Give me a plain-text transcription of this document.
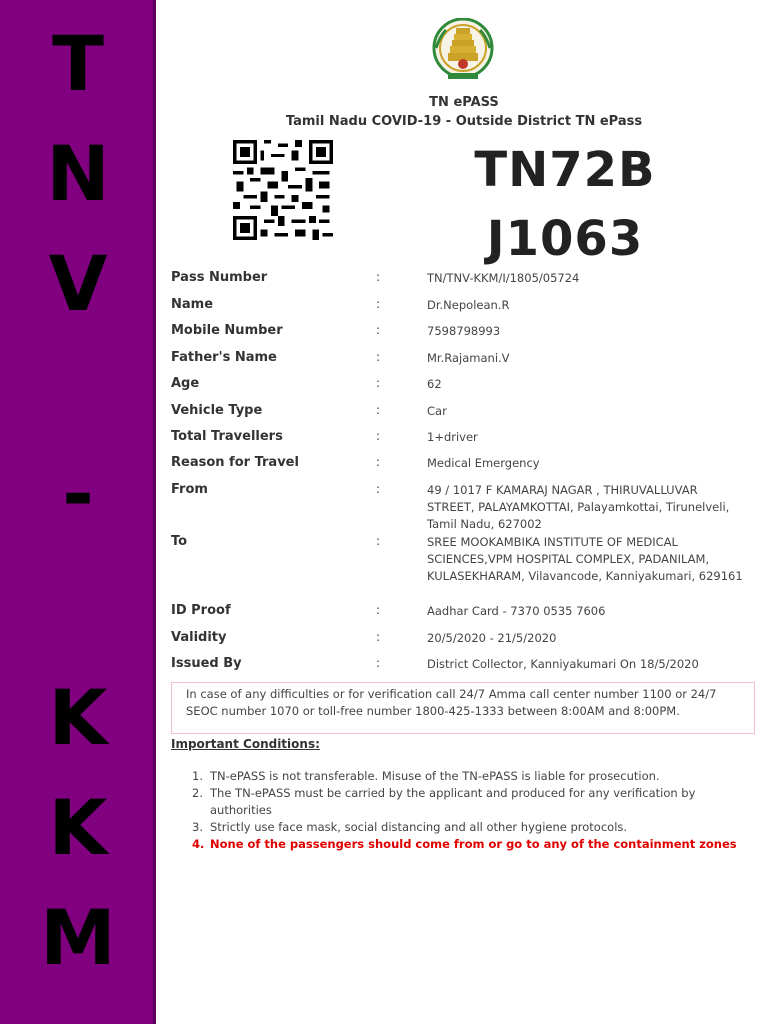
T
N
V
-
K
K
M
TN ePASS
Tamil Nadu COVID-19 - Outside District TN ePass
TN72B
J1063
Pass Number	:	TN/TNV-KKM/I/1805/05724
Name	:	Dr.Nepolean.R
Mobile Number	:	7598798993
Father's Name	:	Mr.Rajamani.V
Age	:	62
Vehicle Type	:	Car
Total Travellers	:	1+driver
Reason for Travel	:	Medical Emergency
From	:	49 / 1017 F KAMARAJ NAGAR , THIRUVALLUVAR STREET, PALAYAMKOTTAI, Palayamkottai, Tirunelveli, Tamil Nadu, 627002
To	:	SREE MOOKAMBIKA INSTITUTE OF MEDICAL SCIENCES,VPM HOSPITAL COMPLEX, PADANILAM, KULASEKHARAM, Vilavancode, Kanniyakumari, 629161
ID Proof	:	Aadhar Card - 7370 0535 7606
Validity	:	20/5/2020 - 21/5/2020
Issued By	:	District Collector, Kanniyakumari On 18/5/2020
In case of any difficulties or for verification call 24/7 Amma call center number 1100 or 24/7 SEOC number 1070 or toll-free number 1800-425-1333 between 8:00AM and 8:00PM.
Important Conditions:
1. TN-ePASS is not transferable. Misuse of the TN-ePASS is liable for prosecution.
2. The TN-ePASS must be carried by the applicant and produced for any verification by authorities
3. Strictly use face mask, social distancing and all other hygiene protocols.
4. None of the passengers should come from or go to any of the containment zones
